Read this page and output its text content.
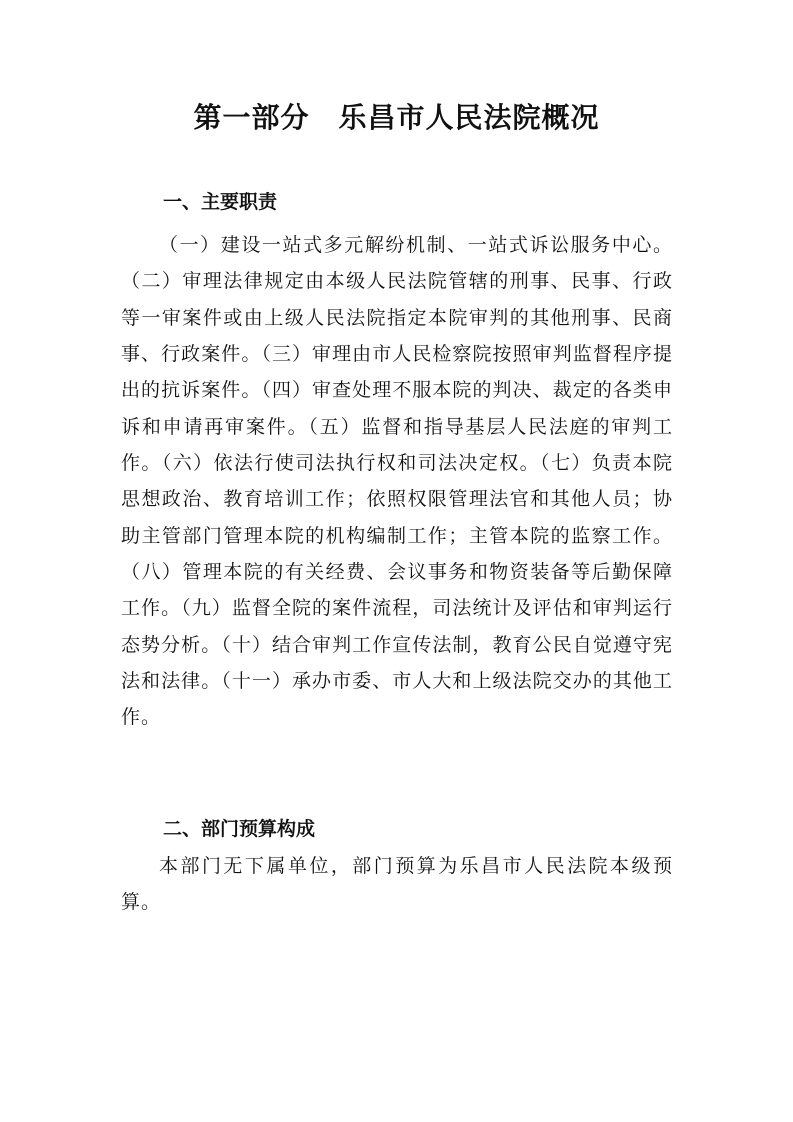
第一部分　乐昌市人民法院概况
一、主要职责

（一）建设一站式多元解纷机制、一站式诉讼服务中心。（二）审理法律规定由本级人民法院管辖的刑事、民事、行政等一审案件或由上级人民法院指定本院审判的其他刑事、民商事、行政案件。（三）审理由市人民检察院按照审判监督程序提出的抗诉案件。（四）审查处理不服本院的判决、裁定的各类申诉和申请再审案件。（五）监督和指导基层人民法庭的审判工作。（六）依法行使司法执行权和司法决定权。（七）负责本院思想政治、教育培训工作；依照权限管理法官和其他人员；协助主管部门管理本院的机构编制工作；主管本院的监察工作。（八）管理本院的有关经费、会议事务和物资装备等后勤保障工作。（九）监督全院的案件流程，司法统计及评估和审判运行态势分析。（十）结合审判工作宣传法制，教育公民自觉遵守宪法和法律。（十一）承办市委、市人大和上级法院交办的其他工作。

二、部门预算构成

本部门无下属单位，部门预算为乐昌市人民法院本级预算。
